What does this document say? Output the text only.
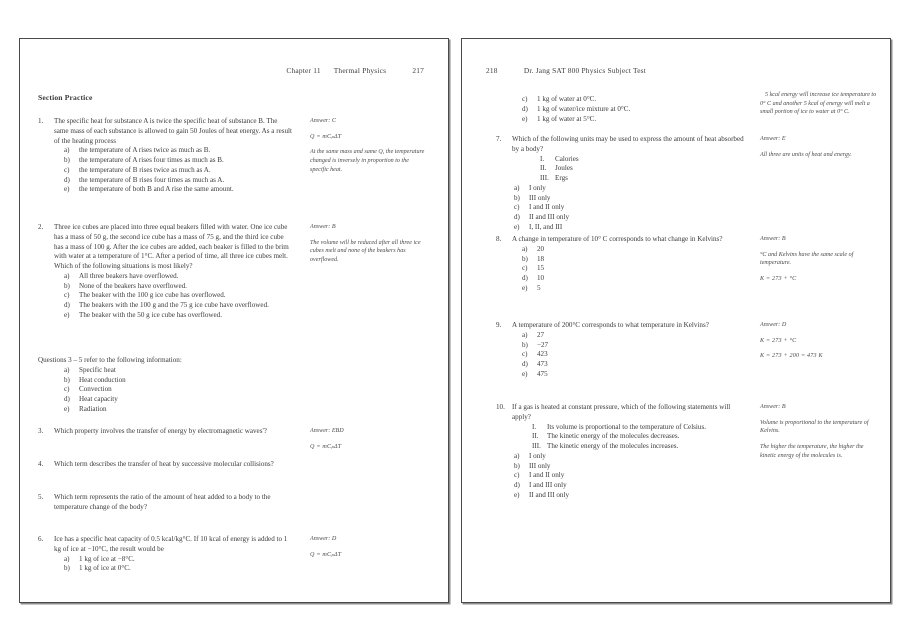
Chapter 11 Thermal Physics	217
Section Practice
1.	The specific heat for substance A is twice the specific heat of substance B. The same mass of each substance is allowed to gain 50 Joules of heat energy. As a result of the heating process
a) the temperature of A rises twice as much as B.
b) the temperature of A rises four times as much as B.
c) the temperature of B rises twice as much as A.
d) the temperature of B rises four times as much as A.
e) the temperature of both B and A rise the same amount.

Answer: C

Q = mCₚΔT

At the same mass and same Q, the temperature changed is inversely in proportion to the specific heat.

2.	Three ice cubes are placed into three equal beakers filled with water. One ice cube has a mass of 50 g, the second ice cube has a mass of 75 g, and the third ice cube has a mass of 100 g. After the ice cubes are added, each beaker is filled to the brim with water at a temperature of 1°C. After a period of time, all three ice cubes melt. Which of the following situations is most likely?
a) All three beakers have overflowed.
b) None of the beakers have overflowed.
c) The beaker with the 100 g ice cube has overflowed.
d) The beakers with the 100 g and the 75 g ice cube have overflowed.
e) The beaker with the 50 g ice cube has overflowed.

Answer: B

The volume will be reduced after all three ice cubes melt and none of the beakers has overflowed.

Questions 3 – 5 refer to the following information:
a) Specific heat
b) Heat conduction
c) Convection
d) Heat capacity
e) Radiation
3.	Which property involves the transfer of energy by electromagnetic waves'?	Answer: EBD

Q = mCₚΔT

4.	Which term describes the transfer of heat by successive molecular collisions?
5.	Which term represents the ratio of the amount of heat added to a body to the temperature change of the body?
6.	Ice has a specific heat capacity of 0.5 kcal/kg°C. If 10 kcal of energy is added to 1 kg of ice at −10°C, the result would be
a) 1 kg of ice at −8°C.
b) 1 kg of ice at 0°C.

Answer: D

Q = mCₚΔT

218	Dr. Jang SAT 800 Physics Subject Test
c) 1 kg of water at 0°C.
d) 1 kg of water/ice mixture at 0°C.
e) 1 kg of water at 5°C.

5 kcal energy will increase ice temperature to 0° C and another 5 kcal of energy will melt a small portion of ice to water at 0° C.

7.	Which of the following units may be used to express the amount of heat absorbed by a body?
I.	Calories
II.	Joules
III. Ergs
a) I only
b) III only
c) I and II only
d) II and III only
e) I, II, and III

Answer: E

All three are units of heat and energy.

8.	A change in temperature of 10° C corresponds to what change in Kelvins?
a) 20
b) 18
c) 15
d) 10
e) 5

Answer: B

°C and Kelvins have the same scale of temperature.

K = 273 + °C

9.	A temperature of 200°C corresponds to what temperature in Kelvins?
a) 27
b) −27
c) 423
d) 473
e) 475

Answer: D

K = 273 + °C

K = 273 + 200 = 473 K

10.	If a gas is heated at constant pressure, which of the following statements will apply?
I.	Its volume is proportional to the temperature of Celsius.
II.	The kinetic energy of the molecules decreases.
III. The kinetic energy of the molecules increases.
a) I only
b) III only
c) I and II only
d) I and III only
e) II and III only

Answer: B

Volume is proportional to the temperature of Kelvins.

The higher the temperature, the higher the kinetic energy of the molecules is.
